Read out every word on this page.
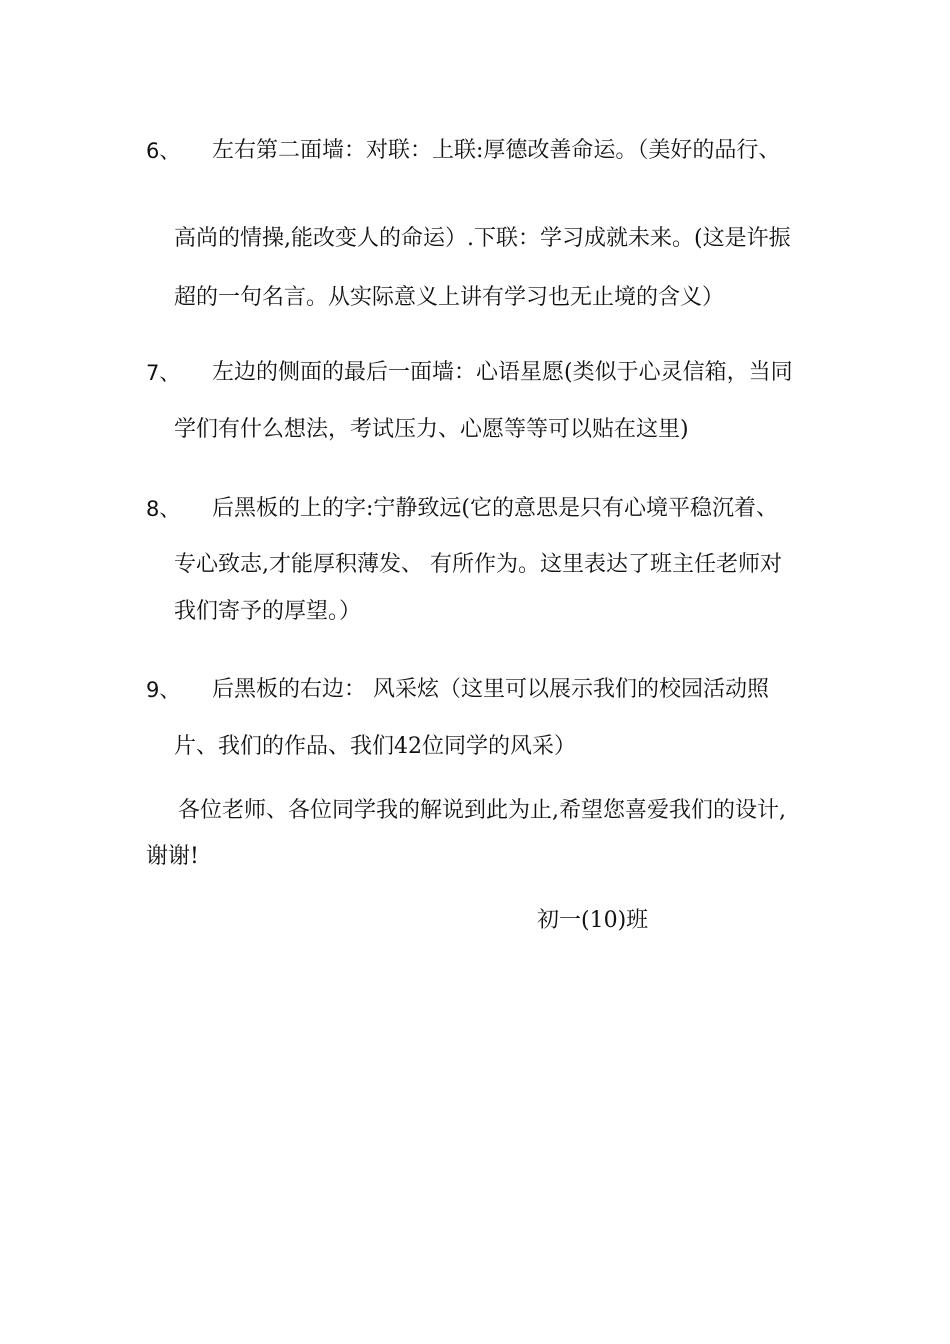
6、 左右第二面墙：对联：上联:厚德改善命运。（美好的品行、
高尚的情操,能改变人的命运）.下联：学习成就未来。(这是许振
超的一句名言。从实际意义上讲有学习也无止境的含义）
7、 左边的侧面的最后一面墙：心语星愿(类似于心灵信箱，当同
学们有什么想法，考试压力、心愿等等可以贴在这里)
8、 后黑板的上的字:宁静致远(它的意思是只有心境平稳沉着、
专心致志,才能厚积薄发、 有所作为。这里表达了班主任老师对
我们寄予的厚望。）
9、 后黑板的右边： 风采炫（这里可以展示我们的校园活动照
片、我们的作品、我们42位同学的风采）
各位老师、各位同学我的解说到此为止,希望您喜爱我们的设计,
谢谢!
初一(10)班
